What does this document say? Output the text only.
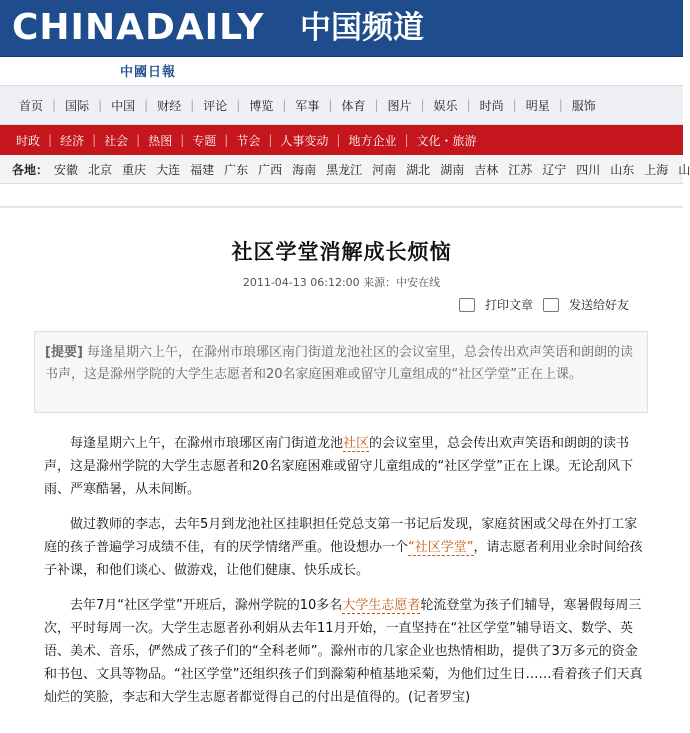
CHINADAILY 中国频道
中國日報
首页 | 国际 | 中国 | 财经 | 评论 | 博览 | 军事 | 体育 | 图片 | 娱乐 | 时尚 | 明星 | 服饰
时政 | 经济 | 社会 | 热图 | 专题 | 节会 | 人事变动 | 地方企业 | 文化・旅游
各地： 安徽 北京 重庆 大连 福建 广东 广西 海南 黑龙江 河南 湖北 湖南 吉林 江苏 辽宁 四川 山东 上海 山
社区学堂消解成长烦恼
2011-04-13 06:12:00 来源：中安在线
打印文章	发送给好友
[提要] 每逢星期六上午，在滁州市琅琊区南门街道龙池社区的会议室里，总会传出欢声笑语和朗朗的读书声，这是滁州学院的大学生志愿者和20名家庭困难或留守儿童组成的“社区学堂”正在上课。

　　每逢星期六上午，在滁州市琅琊区南门街道龙池社区的会议室里，总会传出欢声笑语和朗朗的读书声，这是滁州学院的大学生志愿者和20名家庭困难或留守儿童组成的“社区学堂”正在上课。无论刮风下雨、严寒酷暑，从未间断。

　　做过教师的李志，去年5月到龙池社区挂职担任党总支第一书记后发现，家庭贫困或父母在外打工家庭的孩子普遍学习成绩不佳，有的厌学情绪严重。他设想办一个“社区学堂”，请志愿者利用业余时间给孩子补课，和他们谈心、做游戏，让他们健康、快乐成长。

　　去年7月“社区学堂”开班后，滁州学院的10多名大学生志愿者轮流登堂为孩子们辅导，寒暑假每周三次，平时每周一次。大学生志愿者孙利娟从去年11月开始，一直坚持在“社区学堂”辅导语文、数学、英语、美术、音乐，俨然成了孩子们的“全科老师”。滁州市的几家企业也热情相助，提供了3万多元的资金和书包、文具等物品。“社区学堂”还组织孩子们到滁菊种植基地采菊，为他们过生日……看着孩子们天真灿烂的笑脸，李志和大学生志愿者都觉得自己的付出是值得的。(记者罗宝)
